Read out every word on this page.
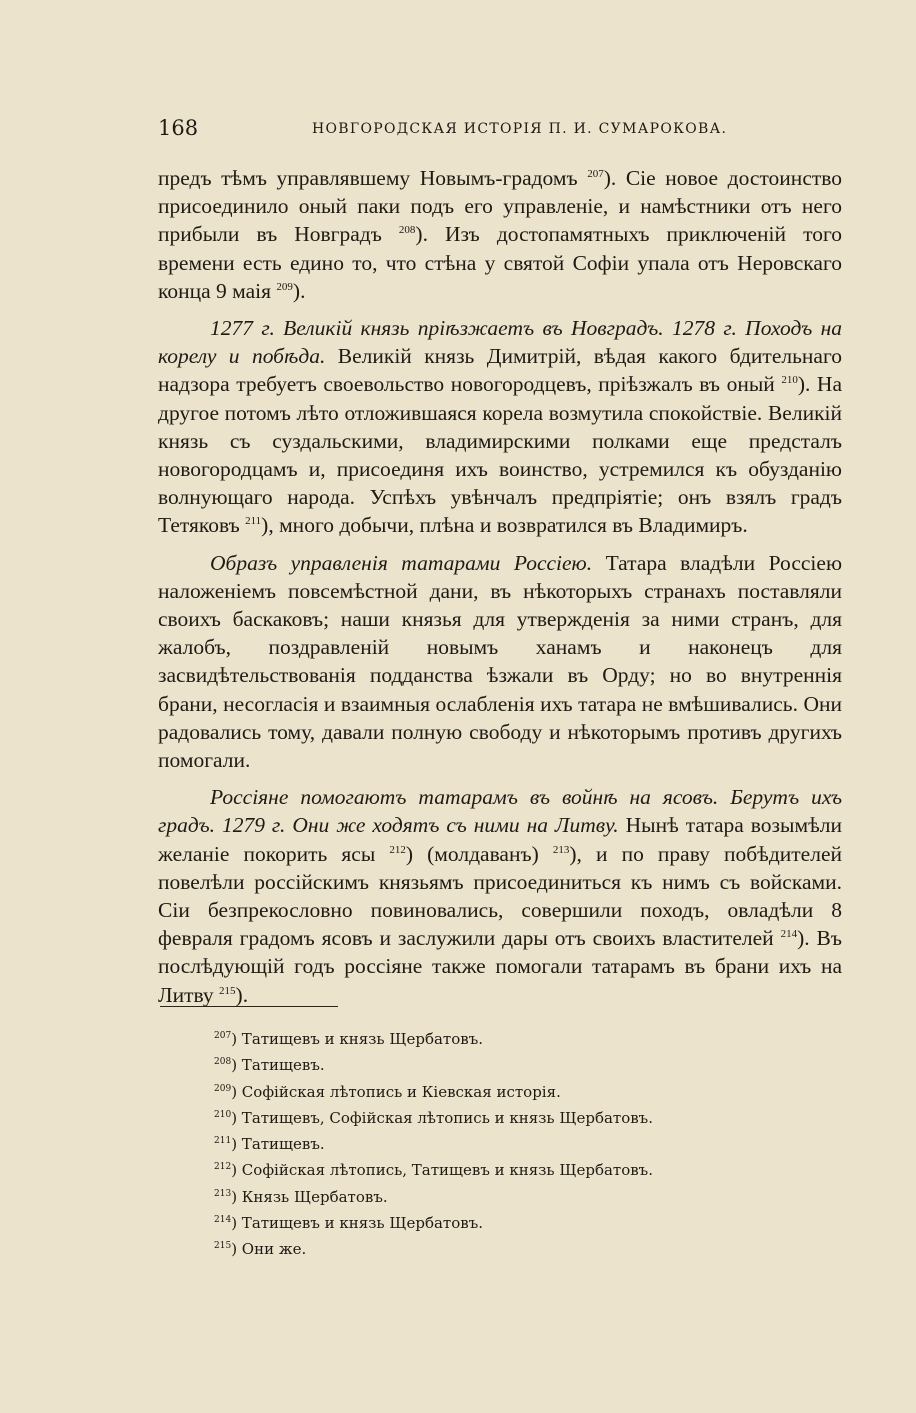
168	НОВГОРОДСКАЯ ИСТОРІЯ П. И. СУМАРОКОВА.

предъ тѣмъ управлявшему Новымъ-градомъ $^{207}$). Сіе новое достоинство присоединило оный паки подъ его управленіе, и намѣстники отъ него прибыли въ Новградъ $^{208}$). Изъ достопамятныхъ приключеній того времени есть едино то, что стѣна у святой Софіи упала отъ Неровскаго конца 9 маія $^{209}$).

1277 г. Великій князь пріѣзжаетъ въ Новградъ. 1278 г. Походъ на корелу и побѣда. Великій князь Димитрій, вѣдая какого бдительнаго надзора требуетъ своевольство новогородцевъ, пріѣзжалъ въ оный $^{210}$). На другое потомъ лѣто отложившаяся корела возмутила спокойствіе. Великій князь съ суздальскими, владимирскими полками еще предсталъ новогородцамъ и, присоединя ихъ воинство, устремился къ обузданію волнующаго народа. Успѣхъ увѣнчалъ предпріятіе; онъ взялъ градъ Тетяковъ $^{211}$), много добычи, плѣна и возвратился въ Владимиръ.

Образъ управленія татарами Россіею. Татара владѣли Россіею наложеніемъ повсемѣстной дани, въ нѣкоторыхъ странахъ поставляли своихъ баскаковъ; наши князья для утвержденія за ними странъ, для жалобъ, поздравленій новымъ ханамъ и наконецъ для засвидѣтельствованія подданства ѣзжали въ Орду; но во внутреннія брани, несогласія и взаимныя ослабленія ихъ татара не вмѣшивались. Они радовались тому, давали полную свободу и нѣкоторымъ противъ другихъ помогали.

Россіяне помогаютъ татарамъ въ войнѣ на ясовъ. Берутъ ихъ градъ. 1279 г. Они же ходятъ съ ними на Литву. Нынѣ татара возымѣли желаніе покорить ясы $^{212}$) (молдаванъ) $^{213}$), и по праву побѣдителей повелѣли россійскимъ князьямъ присоединиться къ нимъ съ войсками. Сіи безпрекословно повиновались, совершили походъ, овладѣли 8 февраля градомъ ясовъ и заслужили дары отъ своихъ властителей $^{214}$). Въ послѣдующій годъ россіяне также помогали татарамъ въ брани ихъ на Литву $^{215}$).

$^{207}$) Татищевъ и князь Щербатовъ.
$^{208}$) Татищевъ.
$^{209}$) Софійская лѣтопись и Кіевская исторія.
$^{210}$) Татищевъ, Софійская лѣтопись и князь Щербатовъ.
$^{211}$) Татищевъ.
$^{212}$) Софійская лѣтопись, Татищевъ и князь Щербатовъ.
$^{213}$) Князь Щербатовъ.
$^{214}$) Татищевъ и князь Щербатовъ.
$^{215}$) Они же.
